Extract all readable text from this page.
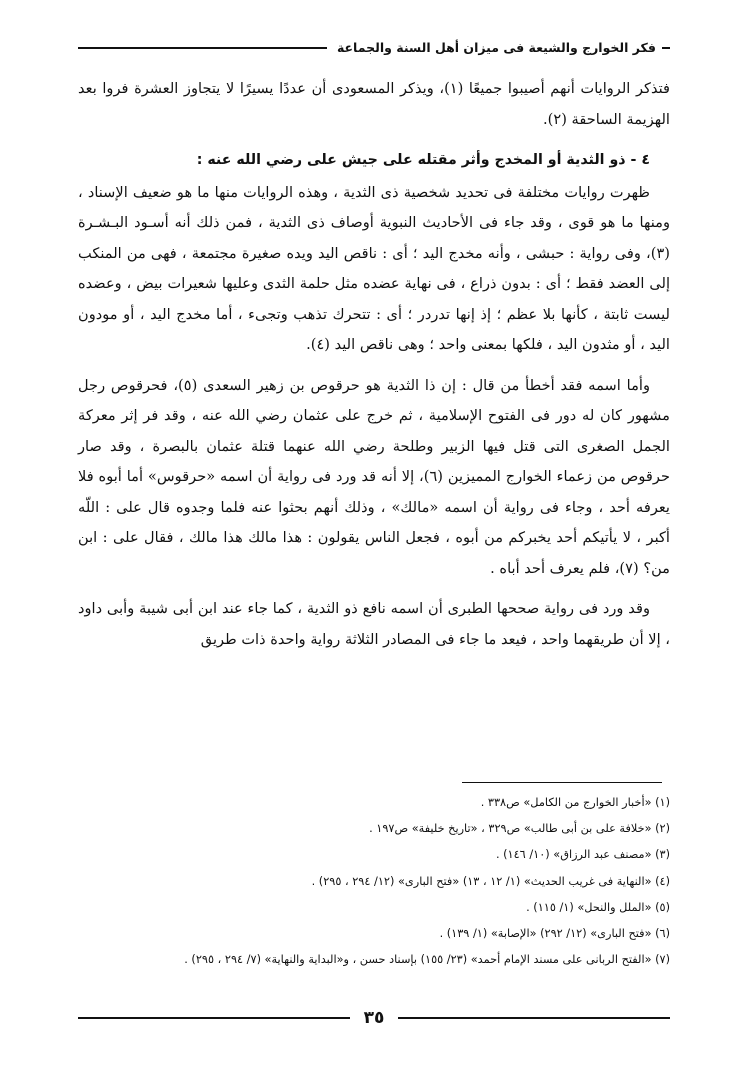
فكر الخوارج والشيعة فى ميزان أهل السنة والجماعة

فتذكر الروايات أنهم أصيبوا جميعًا (١)، ويذكر المسعودى أن عددًا يسيرًا لا يتجاوز العشرة فروا بعد الهزيمة الساحقة (٢).

٤ - ذو الثدية أو المخدج وأثر مقتله على جيش على رضي الله عنه :

ظهرت روايات مختلفة فى تحديد شخصية ذى الثدية ، وهذه الروايات منها ما هو ضعيف الإسناد ، ومنها ما هو قوى ، وقد جاء فى الأحاديث النبوية أوصاف ذى الثدية ، فمن ذلك أنه أسـود البـشـرة (٣)، وفى رواية : حبشى ، وأنه مخدج اليد ؛ أى : ناقص اليد ويده صغيرة مجتمعة ، فهى من المنكب إلى العضد فقط ؛ أى : بدون ذراع ، فى نهاية عضده مثل حلمة الثدى وعليها شعيرات بيض ، وعضده ليست ثابتة ، كأنها بلا عظم ؛ إذ إنها تدردر ؛ أى : تتحرك تذهب وتجىء ، أما مخدج اليد ، أو مودون اليد ، أو مثدون اليد ، فلكها بمعنى واحد ؛ وهى ناقص اليد (٤).

وأما اسمه فقد أخطأ من قال : إن ذا الثدية هو حرقوص بن زهير السعدى (٥)، فحرقوص رجل مشهور كان له دور فى الفتوح الإسلامية ، ثم خرج على عثمان رضي الله عنه ، وقد فر إثر معركة الجمل الصغرى التى قتل فيها الزبير وطلحة رضي الله عنهما قتلة عثمان بالبصرة ، وقد صار حرقوص من زعماء الخوارج المميزين (٦)، إلا أنه قد ورد فى رواية أن اسمه «حرقوس» أما أبوه فلا يعرفه أحد ، وجاء فى رواية أن اسمه «مالك» ، وذلك أنهم بحثوا عنه فلما وجدوه قال على : اللّه أكبر ، لا يأتيكم أحد يخبركم من أبوه ، فجعل الناس يقولون : هذا مالك هذا مالك ، فقال على : ابن من؟ (٧)، فلم يعرف أحد أباه .

وقد ورد فى رواية صححها الطبرى أن اسمه نافع ذو الثدية ، كما جاء عند ابن أبى شيبة وأبى داود ، إلا أن طريقهما واحد ، فيعد ما جاء فى المصادر الثلاثة رواية واحدة ذات طريق

(١) «أخبار الخوارج من الكامل» ص٣٣٨ .

(٢) «خلافة على بن أبى طالب» ص٣٢٩ ، «تاريخ خليفة» ص١٩٧ .

(٣) «مصنف عبد الرزاق» (١٠/ ١٤٦) .

(٤) «النهاية فى غريب الحديث» (١/ ١٢ ، ١٣) «فتح البارى» (١٢/ ٢٩٤ ، ٢٩٥) .

(٥) «الملل والنحل» (١/ ١١٥) .

(٦) «فتح البارى» (١٢/ ٢٩٢) «الإصابة» (١/ ١٣٩) .

(٧) «الفتح الربانى على مسند الإمام أحمد» (٢٣/ ١٥٥) بإسناد حسن ، و«البداية والنهاية» (٧/ ٢٩٤ ، ٢٩٥) .

٣٥
